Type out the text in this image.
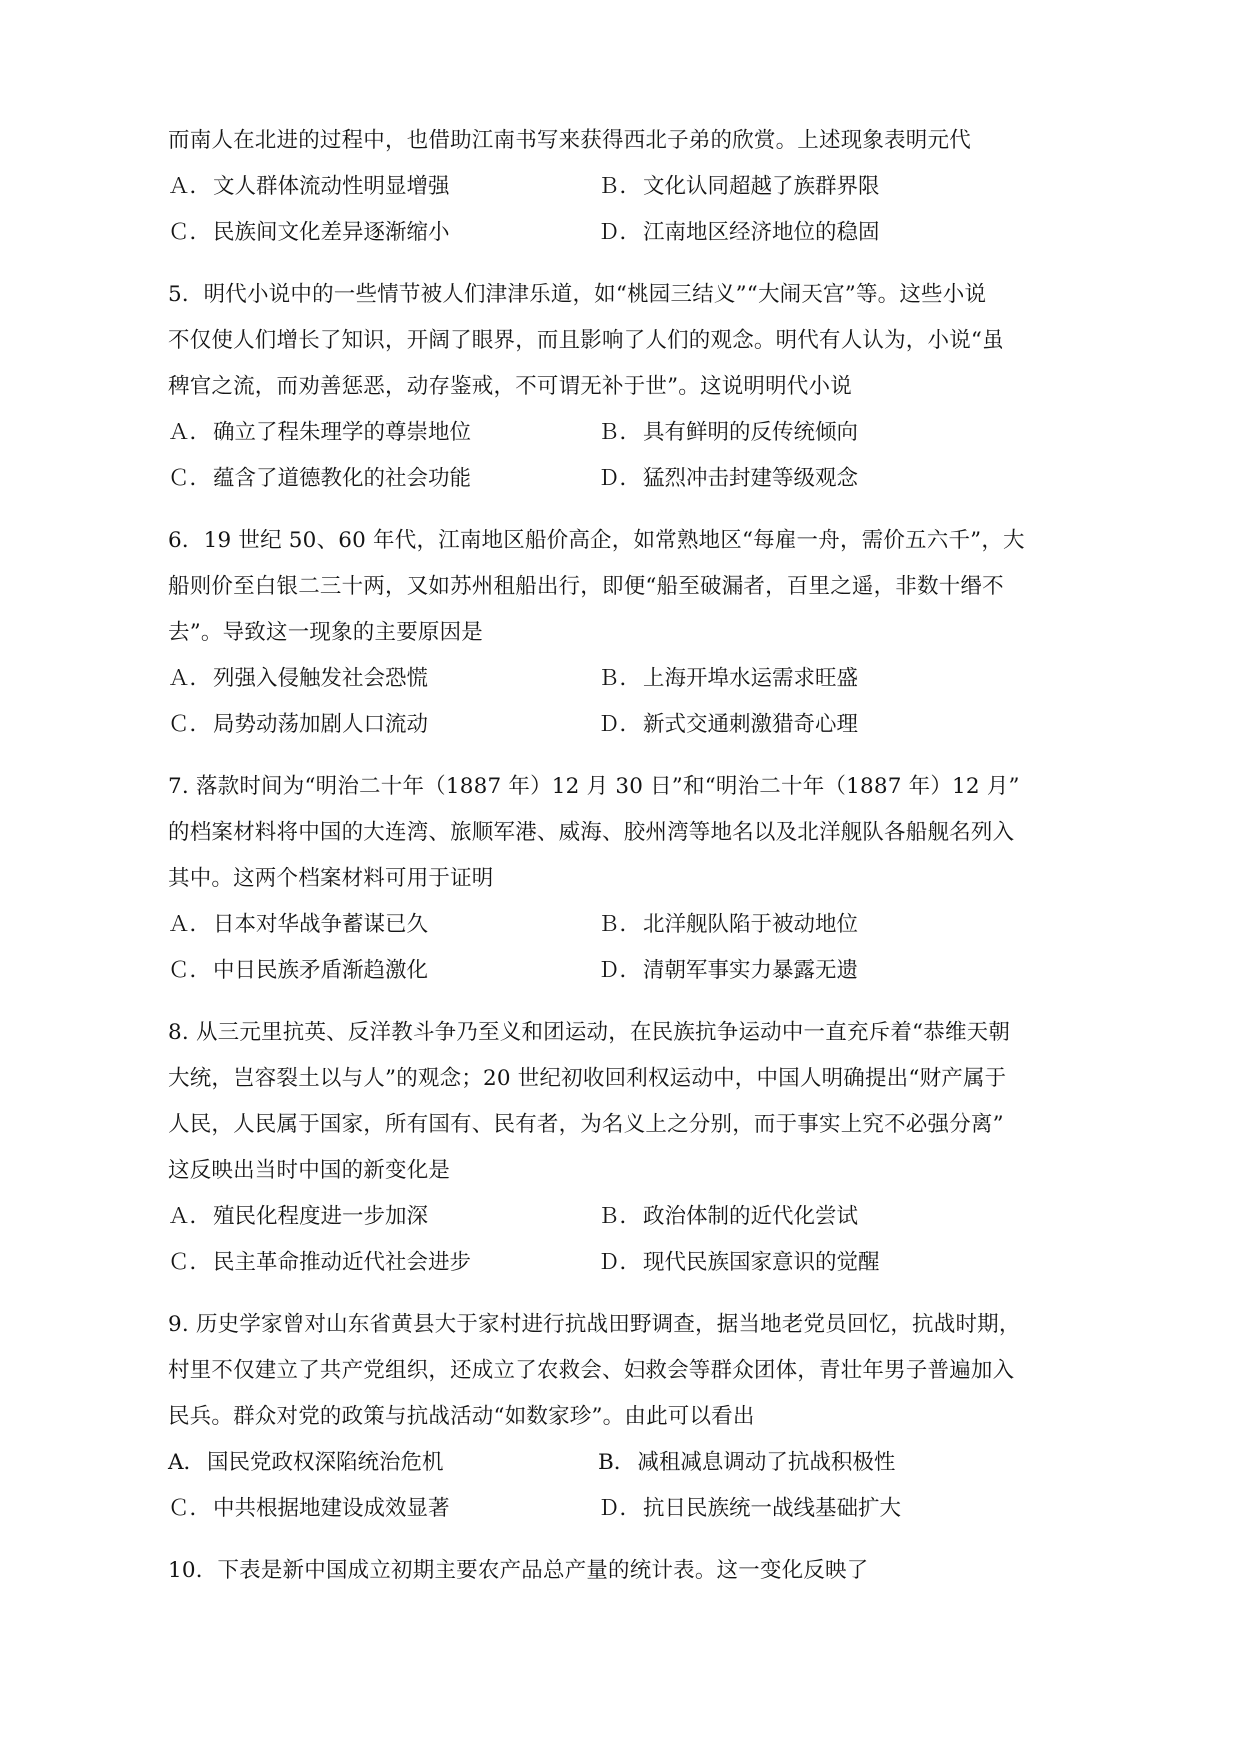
而南人在北进的过程中，也借助江南书写来获得西北子弟的欣赏。上述现象表明元代
Ａ． 文人群体流动性明显增强	Ｂ． 文化认同超越了族群界限
Ｃ． 民族间文化差异逐渐缩小	Ｄ． 江南地区经济地位的稳固
5．明代小说中的一些情节被人们津津乐道，如“桃园三结义”“大闹天宫”等。这些小说
不仅使人们增长了知识，开阔了眼界，而且影响了人们的观念。明代有人认为，小说“虽
稗官之流，而劝善惩恶，动存鉴戒，不可谓无补于世”。这说明明代小说
Ａ． 确立了程朱理学的尊崇地位	Ｂ． 具有鲜明的反传统倾向
Ｃ． 蕴含了道德教化的社会功能	Ｄ． 猛烈冲击封建等级观念
6．19 世纪 50、60 年代，江南地区船价高企，如常熟地区“每雇一舟，需价五六千”，大
船则价至白银二三十两，又如苏州租船出行，即便“船至破漏者，百里之遥，非数十缗不
去”。导致这一现象的主要原因是
Ａ． 列强入侵触发社会恐慌	Ｂ． 上海开埠水运需求旺盛
Ｃ． 局势动荡加剧人口流动	Ｄ． 新式交通刺激猎奇心理
7. 落款时间为“明治二十年（1887 年）12 月 30 日”和“明治二十年（1887 年）12 月”
的档案材料将中国的大连湾、旅顺军港、威海、胶州湾等地名以及北洋舰队各船舰名列入
其中。这两个档案材料可用于证明
Ａ． 日本对华战争蓄谋已久	Ｂ． 北洋舰队陷于被动地位
Ｃ． 中日民族矛盾渐趋激化	Ｄ． 清朝军事实力暴露无遗
8. 从三元里抗英、反洋教斗争乃至义和团运动，在民族抗争运动中一直充斥着“恭维天朝
大统，岂容裂土以与人”的观念；20 世纪初收回利权运动中，中国人明确提出“财产属于
人民，人民属于国家，所有国有、民有者，为名义上之分别，而于事实上究不必强分离”
这反映出当时中国的新变化是
Ａ． 殖民化程度进一步加深	Ｂ． 政治体制的近代化尝试
Ｃ． 民主革命推动近代社会进步	Ｄ． 现代民族国家意识的觉醒
9. 历史学家曾对山东省黄县大于家村进行抗战田野调查，据当地老党员回忆，抗战时期，
村里不仅建立了共产党组织，还成立了农救会、妇救会等群众团体，青壮年男子普遍加入
民兵。群众对党的政策与抗战活动“如数家珍”。由此可以看出
A． 国民党政权深陷统治危机	B． 减租减息调动了抗战积极性
Ｃ． 中共根据地建设成效显著	Ｄ． 抗日民族统一战线基础扩大
10．下表是新中国成立初期主要农产品总产量的统计表。这一变化反映了
